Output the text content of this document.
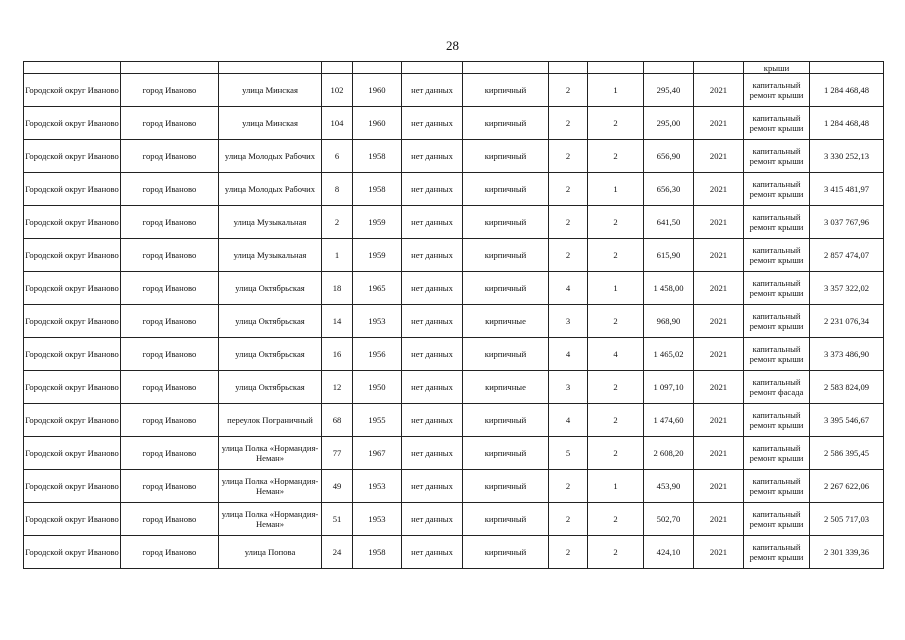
28
											крыши	
Городской округ Иваново	город Иваново	улица Минская	102	1960	нет данных	кирпичный	2	1	295,40	2021	капитальный ремонт крыши	1 284 468,48
Городской округ Иваново	город Иваново	улица Минская	104	1960	нет данных	кирпичный	2	2	295,00	2021	капитальный ремонт крыши	1 284 468,48
Городской округ Иваново	город Иваново	улица Молодых Рабочих	6	1958	нет данных	кирпичный	2	2	656,90	2021	капитальный ремонт крыши	3 330 252,13
Городской округ Иваново	город Иваново	улица Молодых Рабочих	8	1958	нет данных	кирпичный	2	1	656,30	2021	капитальный ремонт крыши	3 415 481,97
Городской округ Иваново	город Иваново	улица Музыкальная	2	1959	нет данных	кирпичный	2	2	641,50	2021	капитальный ремонт крыши	3 037 767,96
Городской округ Иваново	город Иваново	улица Музыкальная	1	1959	нет данных	кирпичный	2	2	615,90	2021	капитальный ремонт крыши	2 857 474,07
Городской округ Иваново	город Иваново	улица Октябрьская	18	1965	нет данных	кирпичный	4	1	1 458,00	2021	капитальный ремонт крыши	3 357 322,02
Городской округ Иваново	город Иваново	улица Октябрьская	14	1953	нет данных	кирпичные	3	2	968,90	2021	капитальный ремонт крыши	2 231 076,34
Городской округ Иваново	город Иваново	улица Октябрьская	16	1956	нет данных	кирпичный	4	4	1 465,02	2021	капитальный ремонт крыши	3 373 486,90
Городской округ Иваново	город Иваново	улица Октябрьская	12	1950	нет данных	кирпичные	3	2	1 097,10	2021	капитальный ремонт фасада	2 583 824,09
Городской округ Иваново	город Иваново	переулок Пограничный	68	1955	нет данных	кирпичный	4	2	1 474,60	2021	капитальный ремонт крыши	3 395 546,67
Городской округ Иваново	город Иваново	улица Полка «Нормандия-Неман»	77	1967	нет данных	кирпичный	5	2	2 608,20	2021	капитальный ремонт крыши	2 586 395,45
Городской округ Иваново	город Иваново	улица Полка «Нормандия-Неман»	49	1953	нет данных	кирпичный	2	1	453,90	2021	капитальный ремонт крыши	2 267 622,06
Городской округ Иваново	город Иваново	улица Полка «Нормандия-Неман»	51	1953	нет данных	кирпичный	2	2	502,70	2021	капитальный ремонт крыши	2 505 717,03
Городской округ Иваново	город Иваново	улица Попова	24	1958	нет данных	кирпичный	2	2	424,10	2021	капитальный ремонт крыши	2 301 339,36
